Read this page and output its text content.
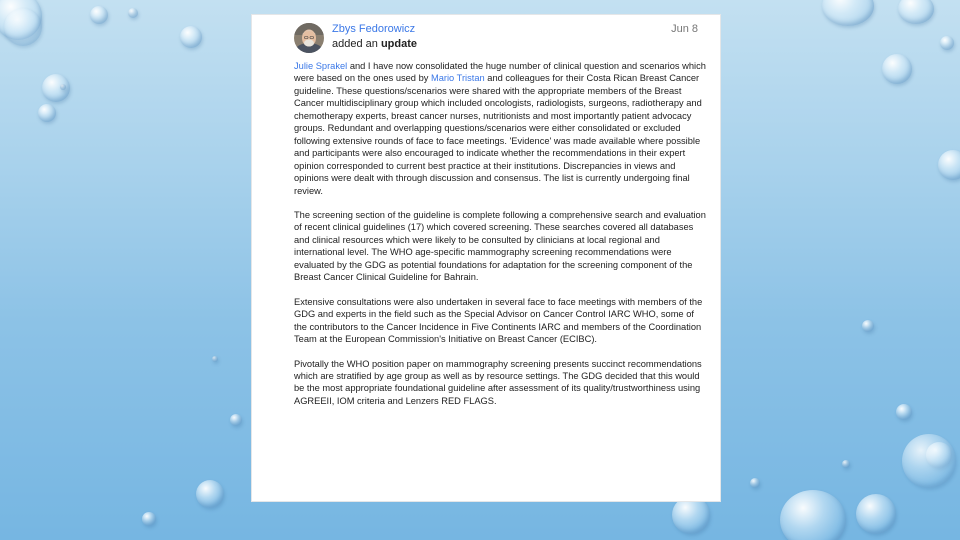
Zbys Fedorowicz
added an update
Jun 8

Julie Sprakel and I have now consolidated the huge number of clinical question and scenarios which were based on the ones used by Mario Tristan and colleagues for their Costa Rican Breast Cancer guideline. These questions/scenarios were shared with the appropriate members of the Breast Cancer multidisciplinary group which included oncologists, radiologists, surgeons, radiotherapy and chemotherapy experts, breast cancer nurses, nutritionists and most importantly patient advocacy groups. Redundant and overlapping questions/scenarios were either consolidated or excluded following extensive rounds of face to face meetings. 'Evidence' was made available where possible and participants were also encouraged to indicate whether the recommendations in their expert opinion corresponded to current best practice at their institutions. Discrepancies in views and opinions were dealt with through discussion and consensus. The list is currently undergoing final review.

The screening section of the guideline is complete following a comprehensive search and evaluation of recent clinical guidelines (17) which covered screening. These searches covered all databases and clinical resources which were likely to be consulted by clinicians at local regional and international level. The WHO age-specific mammography screening recommendations were evaluated by the GDG as potential foundations for adaptation for the screening component of the Breast Cancer Clinical Guideline for Bahrain.

Extensive consultations were also undertaken in several face to face meetings with members of the GDG and experts in the field such as the Special Advisor on Cancer Control IARC WHO, some of the contributors to the Cancer Incidence in Five Continents IARC and members of the Coordination Team at the European Commission's Initiative on Breast Cancer (ECIBC).

Pivotally the WHO position paper on mammography screening presents succinct recommendations which are stratified by age group as well as by resource settings. The GDG decided that this would be the most appropriate foundational guideline after assessment of its quality/trustworthiness using AGREEII, IOM criteria and Lenzers RED FLAGS.
